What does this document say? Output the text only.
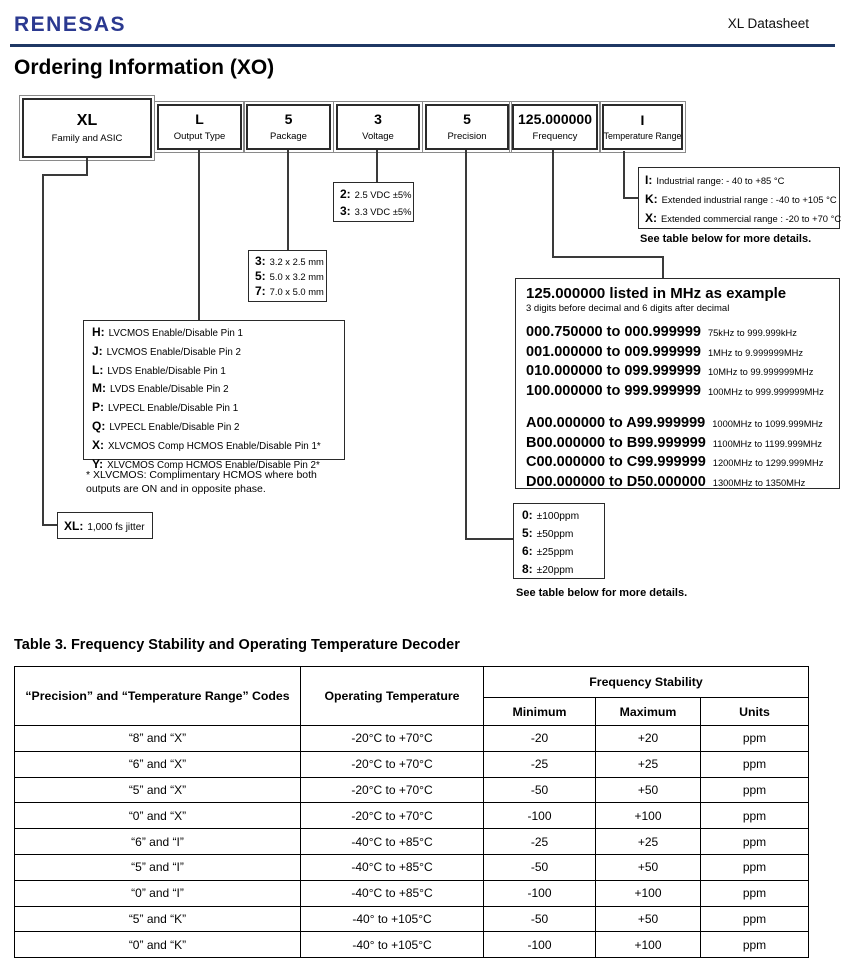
RENESAS	XL Datasheet
Ordering Information (XO)
XL
Family and ASIC
L
Output Type
5
Package
3
Voltage
5
Precision
125.000000
Frequency
I
Temperature Range
I: Industrial range: - 40 to +85 °C
K: Extended industrial range : -40 to +105 °C
X: Extended commercial range : -20 to +70 °C
See table below for more details.
2: 2.5 VDC ±5%
3: 3.3 VDC ±5%
3: 3.2 x 2.5 mm
5: 5.0 x 3.2 mm
7: 7.0 x 5.0 mm
H: LVCMOS Enable/Disable Pin 1
J: LVCMOS Enable/Disable Pin 2
L: LVDS Enable/Disable Pin 1
M: LVDS Enable/Disable Pin 2
P: LVPECL Enable/Disable Pin 1
Q: LVPECL Enable/Disable Pin 2
X: XLVCMOS Comp HCMOS Enable/Disable Pin 1*
Y: XLVCMOS Comp HCMOS Enable/Disable Pin 2*
* XLVCMOS: Complimentary HCMOS where both outputs are ON and in opposite phase.
XL: 1,000 fs jitter
0: ±100ppm
5: ±50ppm
6: ±25ppm
8: ±20ppm
See table below for more details.
125.000000 listed in MHz as example
3 digits before decimal and 6 digits after decimal
000.750000 to 000.999999 75kHz to 999.999kHz
001.000000 to 009.999999 1MHz to 9.999999MHz
010.000000 to 099.999999 10MHz to 99.999999MHz
100.000000 to 999.999999 100MHz to 999.999999MHz
A00.000000 to A99.999999 1000MHz to 1099.999MHz
B00.000000 to B99.999999 1100MHz to 1199.999MHz
C00.000000 to C99.999999 1200MHz to 1299.999MHz
D00.000000 to D50.000000 1300MHz to 1350MHz
Table 3. Frequency Stability and Operating Temperature Decoder
“Precision” and “Temperature Range” Codes	Operating Temperature	Frequency Stability		
		Minimum	Maximum	Units
“8” and “X”	-20°C to +70°C	-20	+20	ppm
“6” and “X”	-20°C to +70°C	-25	+25	ppm
“5” and “X”	-20°C to +70°C	-50	+50	ppm
“0” and “X”	-20°C to +70°C	-100	+100	ppm
“6” and “I”	-40°C to +85°C	-25	+25	ppm
“5” and “I”	-40°C to +85°C	-50	+50	ppm
“0” and “I”	-40°C to +85°C	-100	+100	ppm
“5” and “K”	-40° to +105°C	-50	+50	ppm
“0” and “K”	-40° to +105°C	-100	+100	ppm
